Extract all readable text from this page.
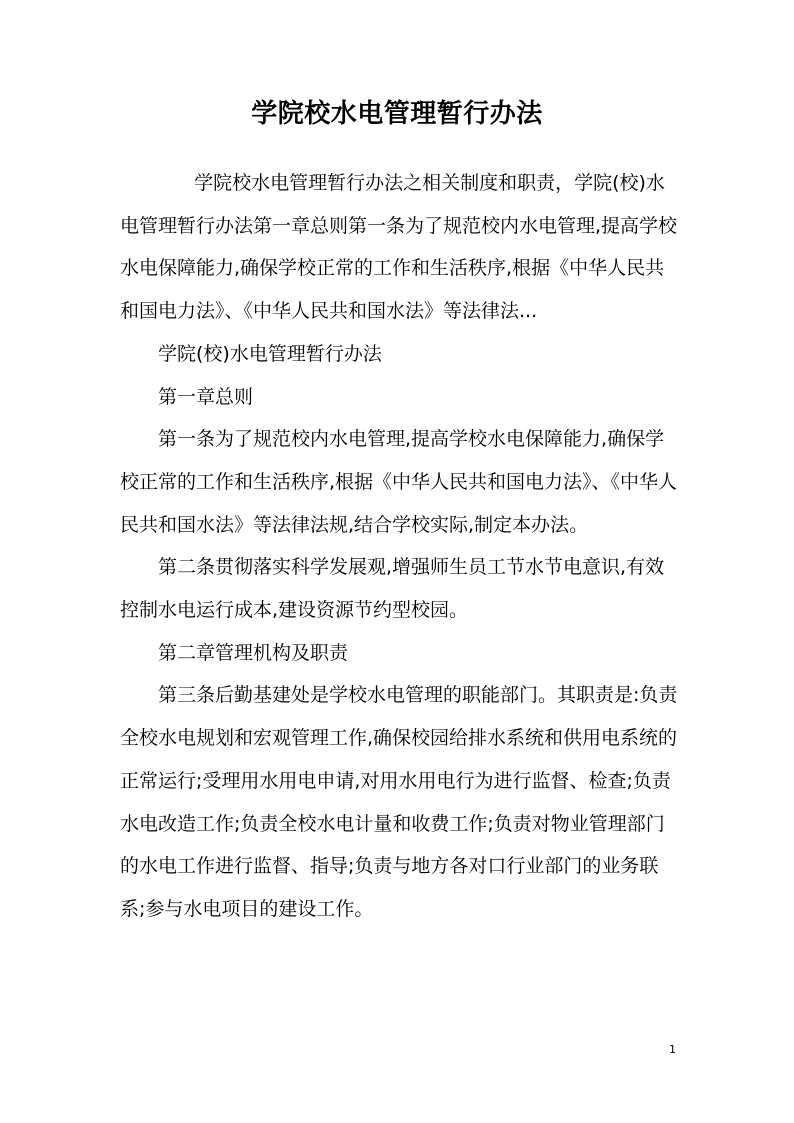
学院校水电管理暂行办法

学院校水电管理暂行办法之相关制度和职责，学院(校)水电管理暂行办法第一章总则第一条为了规范校内水电管理,提高学校水电保障能力,确保学校正常的工作和生活秩序,根据《中华人民共和国电力法》、《中华人民共和国水法》等法律法...

学院(校)水电管理暂行办法

第一章总则

第一条为了规范校内水电管理,提高学校水电保障能力,确保学校正常的工作和生活秩序,根据《中华人民共和国电力法》、《中华人民共和国水法》等法律法规,结合学校实际,制定本办法。

第二条贯彻落实科学发展观,增强师生员工节水节电意识,有效控制水电运行成本,建设资源节约型校园。

第二章管理机构及职责

第三条后勤基建处是学校水电管理的职能部门。其职责是:负责全校水电规划和宏观管理工作,确保校园给排水系统和供用电系统的正常运行;受理用水用电申请,对用水用电行为进行监督、检查;负责水电改造工作;负责全校水电计量和收费工作;负责对物业管理部门的水电工作进行监督、指导;负责与地方各对口行业部门的业务联系;参与水电项目的建设工作。

1
